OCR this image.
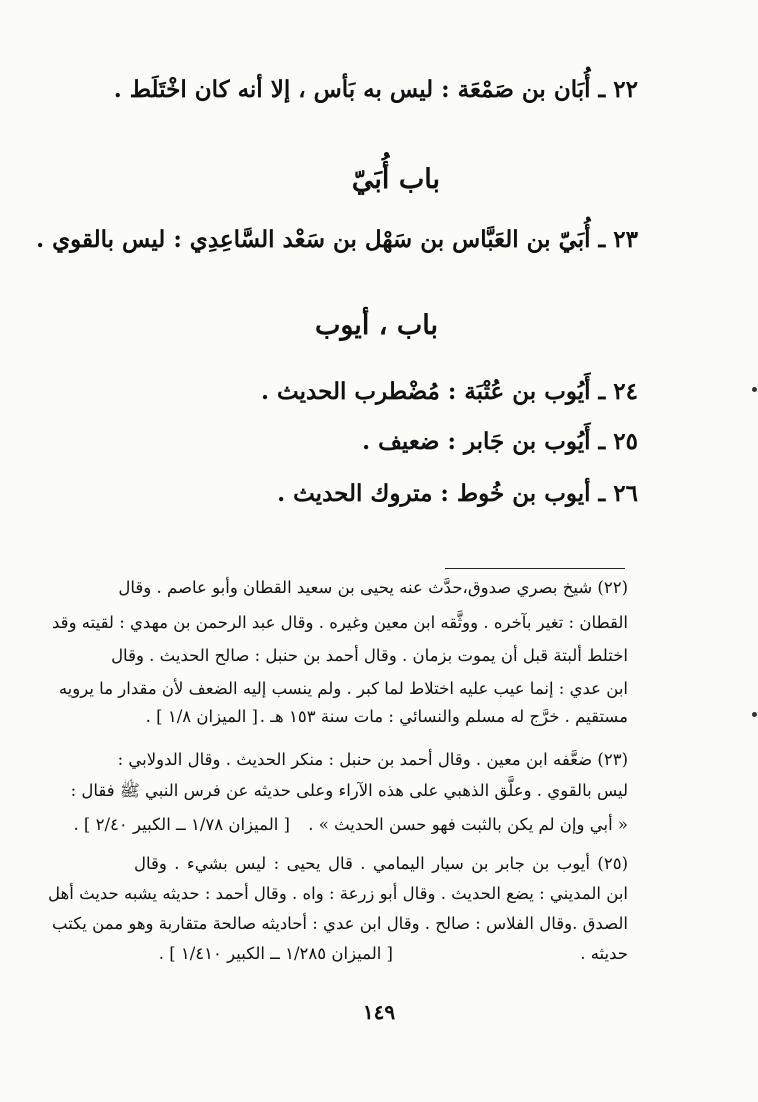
٢٢ ـ أُبَان بن صَمْعَة : ليس به بَأس ، إلا أنه كان اخْتَلَط .
باب أُبَيّ
٢٣ ـ أُبَيّ بن العَبَّاس بن سَهْل بن سَعْد السَّاعِدِي : ليس بالقوي .
باب ، أيوب
٢٤ ـ أَيُوب بن عُتْبَة : مُضْطرب الحديث .
٢٥ ـ أَيُوب بن جَابر : ضعيف .
٢٦ ـ أيوب بن خُوط : متروك الحديث .
(٢٢) شيخ بصري صدوق،حدَّث عنه يحيى بن سعيد القطان وأبو عاصم . وقال
القطان : تغير بآخره . ووثَّقه ابن معين وغيره . وقال عبد الرحمن بن مهدي : لقيته وقد
اختلط ألبتة قبل أن يموت بزمان . وقال أحمد بن حنبل : صالح الحديث . وقال
ابن عدي : إنما عيب عليه اختلاط لما كبر . ولم ينسب إليه الضعف لأن مقدار ما يرويه
مستقيم . خرَّج له مسلم والنسائي : مات سنة ١٥٣ هـ .
[ الميزان ١/٨ ] .
(٢٣) ضعَّفه ابن معين . وقال أحمد بن حنبل : منكر الحديث . وقال الدولابي :
ليس بالقوي . وعلَّق الذهبي على هذه الآراء وعلى حديثه عن فرس النبي ﷺ فقال :
« أبي وإن لم يكن بالثبت فهو حسن الحديث » .
[ الميزان ١/٧٨ ــ الكبير ٢/٤٠ ] .
(٢٥) أيوب بن جابر بن سيار اليمامي . قال يحيى : ليس بشيء . وقال
ابن المديني : يضع الحديث . وقال أبو زرعة : واه . وقال أحمد : حديثه يشبه حديث أهل
الصدق .وقال الفلاس : صالح . وقال ابن عدي : أحاديثه صالحة متقاربة وهو ممن يكتب
حديثه .
[ الميزان ١/٢٨٥ ــ الكبير ١/٤١٠ ] .
١٤٩
